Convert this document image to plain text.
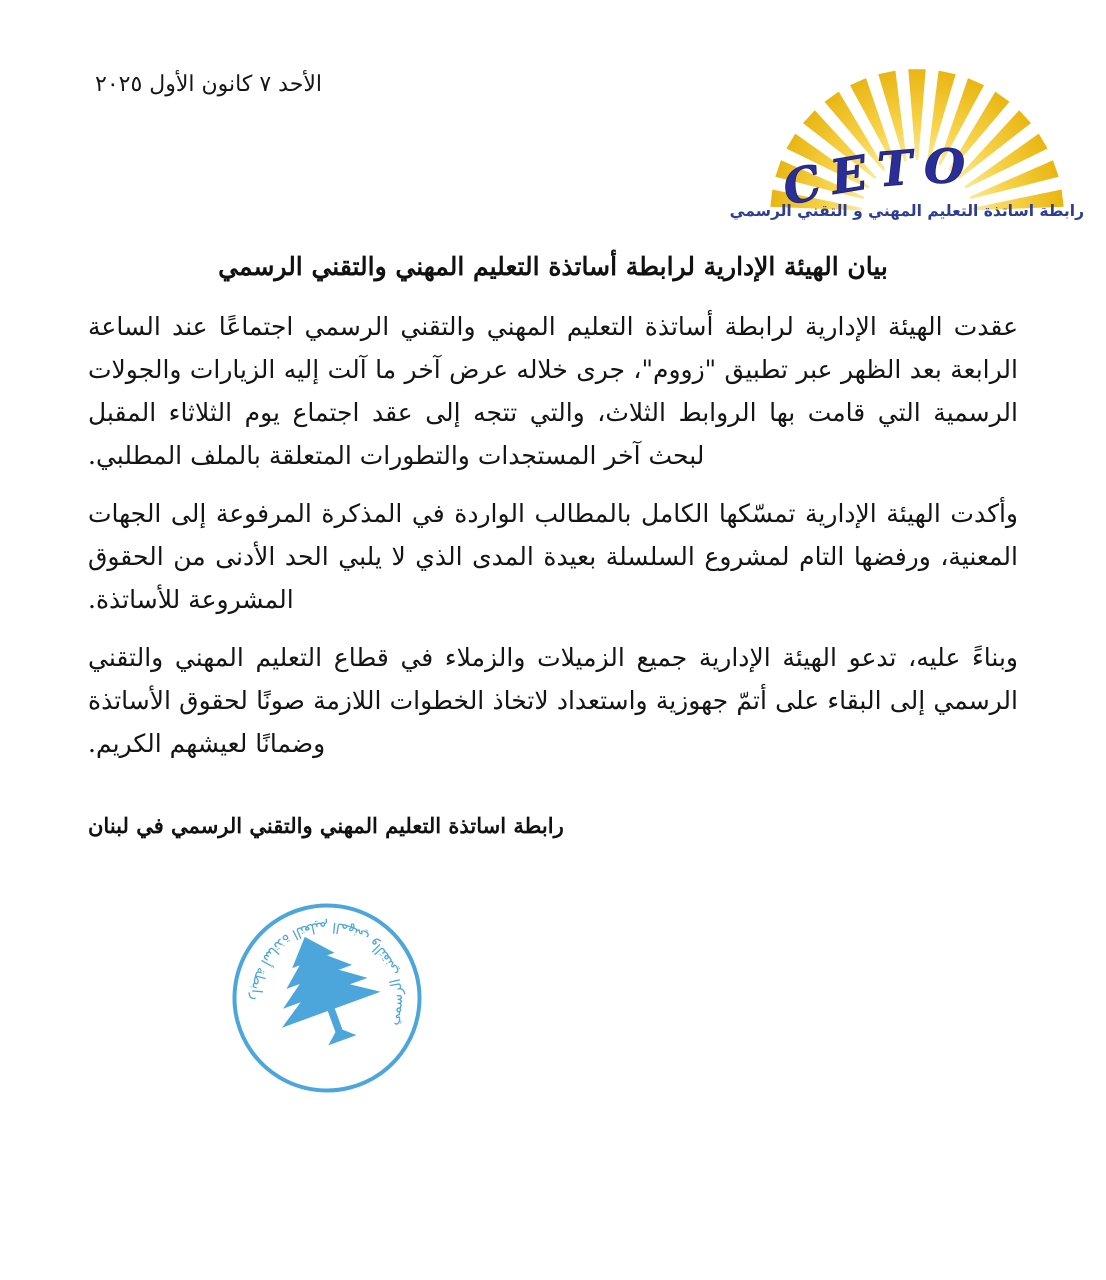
الأحد ٧ كانون الأول ٢٠٢٥
CETO
رابطة اساتذة التعليم المهني و التقني الرسمي
بيان الهيئة الإدارية لرابطة أساتذة التعليم المهني والتقني الرسمي

عقدت الهيئة الإدارية لرابطة أساتذة التعليم المهني والتقني الرسمي اجتماعًا عند الساعة الرابعة بعد الظهر عبر تطبيق "زووم"، جرى خلاله عرض آخر ما آلت إليه الزيارات والجولات الرسمية التي قامت بها الروابط الثلاث، والتي تتجه إلى عقد اجتماع يوم الثلاثاء المقبل لبحث آخر المستجدات والتطورات المتعلقة بالملف المطلبي.

وأكدت الهيئة الإدارية تمسّكها الكامل بالمطالب الواردة في المذكرة المرفوعة إلى الجهات المعنية، ورفضها التام لمشروع السلسلة بعيدة المدى الذي لا يلبي الحد الأدنى من الحقوق المشروعة للأساتذة.

وبناءً عليه، تدعو الهيئة الإدارية جميع الزميلات والزملاء في قطاع التعليم المهني والتقني الرسمي إلى البقاء على أتمّ جهوزية واستعداد لاتخاذ الخطوات اللازمة صونًا لحقوق الأساتذة وضمانًا لعيشهم الكريم.

رابطة اساتذة التعليم المهني والتقني الرسمي في لبنان
رابطة أساتذة التعليم المهني والتقني الرسمي
